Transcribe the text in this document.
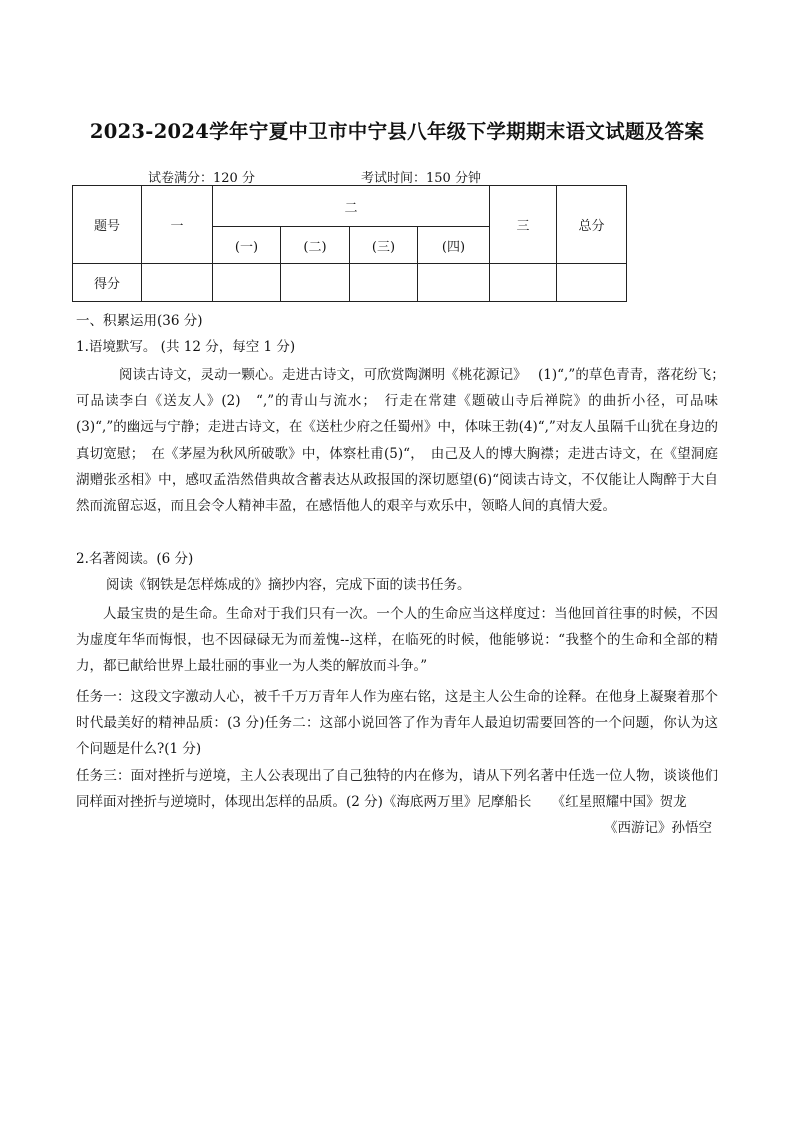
2023-2024学年宁夏中卫市中宁县八年级下学期期末语文试题及答案
试卷满分：120 分	考试时间：150 分钟
题号	一	二				三	总分
		(一)	(二)	(三)	(四)		
得分							
一、积累运用(36 分)
1.语境默写。 (共 12 分，每空 1 分)
阅读古诗文，灵动一颗心。走进古诗文，可欣赏陶渊明《桃花源记》　 (1)“,”的草色青青，落花纷飞；　可品读李白《送友人》(2)　“,”的青山与流水；　行走在常建《题破山寺后禅院》的曲折小径，可品味(3)“,”的幽远与宁静；走进古诗文，在《送杜少府之任蜀州》中，体味王勃(4)“,”对友人虽隔千山犹在身边的真切宽慰；　在《茅屋为秋风所破歌》中，体察杜甫(5)“，　由己及人的博大胸襟；走进古诗文，在《望洞庭湖赠张丞相》中，感叹孟浩然借典故含蓄表达从政报国的深切愿望(6)“阅读古诗文，不仅能让人陶醉于大自然而流留忘返，而且会令人精神丰盈，在感悟他人的艰辛与欢乐中，领略人间的真情大爱。
2.名著阅读。(6 分)
阅读《钢铁是怎样炼成的》摘抄内容，完成下面的读书任务。
人最宝贵的是生命。生命对于我们只有一次。一个人的生命应当这样度过：当他回首往事的时候，不因为虚度年华而悔恨，也不因碌碌无为而羞愧--这样，在临死的时候，他能够说：“我整个的生命和全部的精力，都已献给世界上最壮丽的事业一为人类的解放而斗争。”
任务一：这段文字激动人心，被千千万万青年人作为座右铭，这是主人公生命的诠释。在他身上凝聚着那个时代最美好的精神品质：(3 分)任务二：这部小说回答了作为青年人最迫切需要回答的一个问题，你认为这个问题是什么?(1 分)
任务三：面对挫折与逆境，主人公表现出了自己独特的内在修为，请从下列名著中任选一位人物，谈谈他们同样面对挫折与逆境时，体现出怎样的品质。(2 分)《海底两万里》尼摩船长　　《红星照耀中国》贺龙
《西游记》孙悟空
